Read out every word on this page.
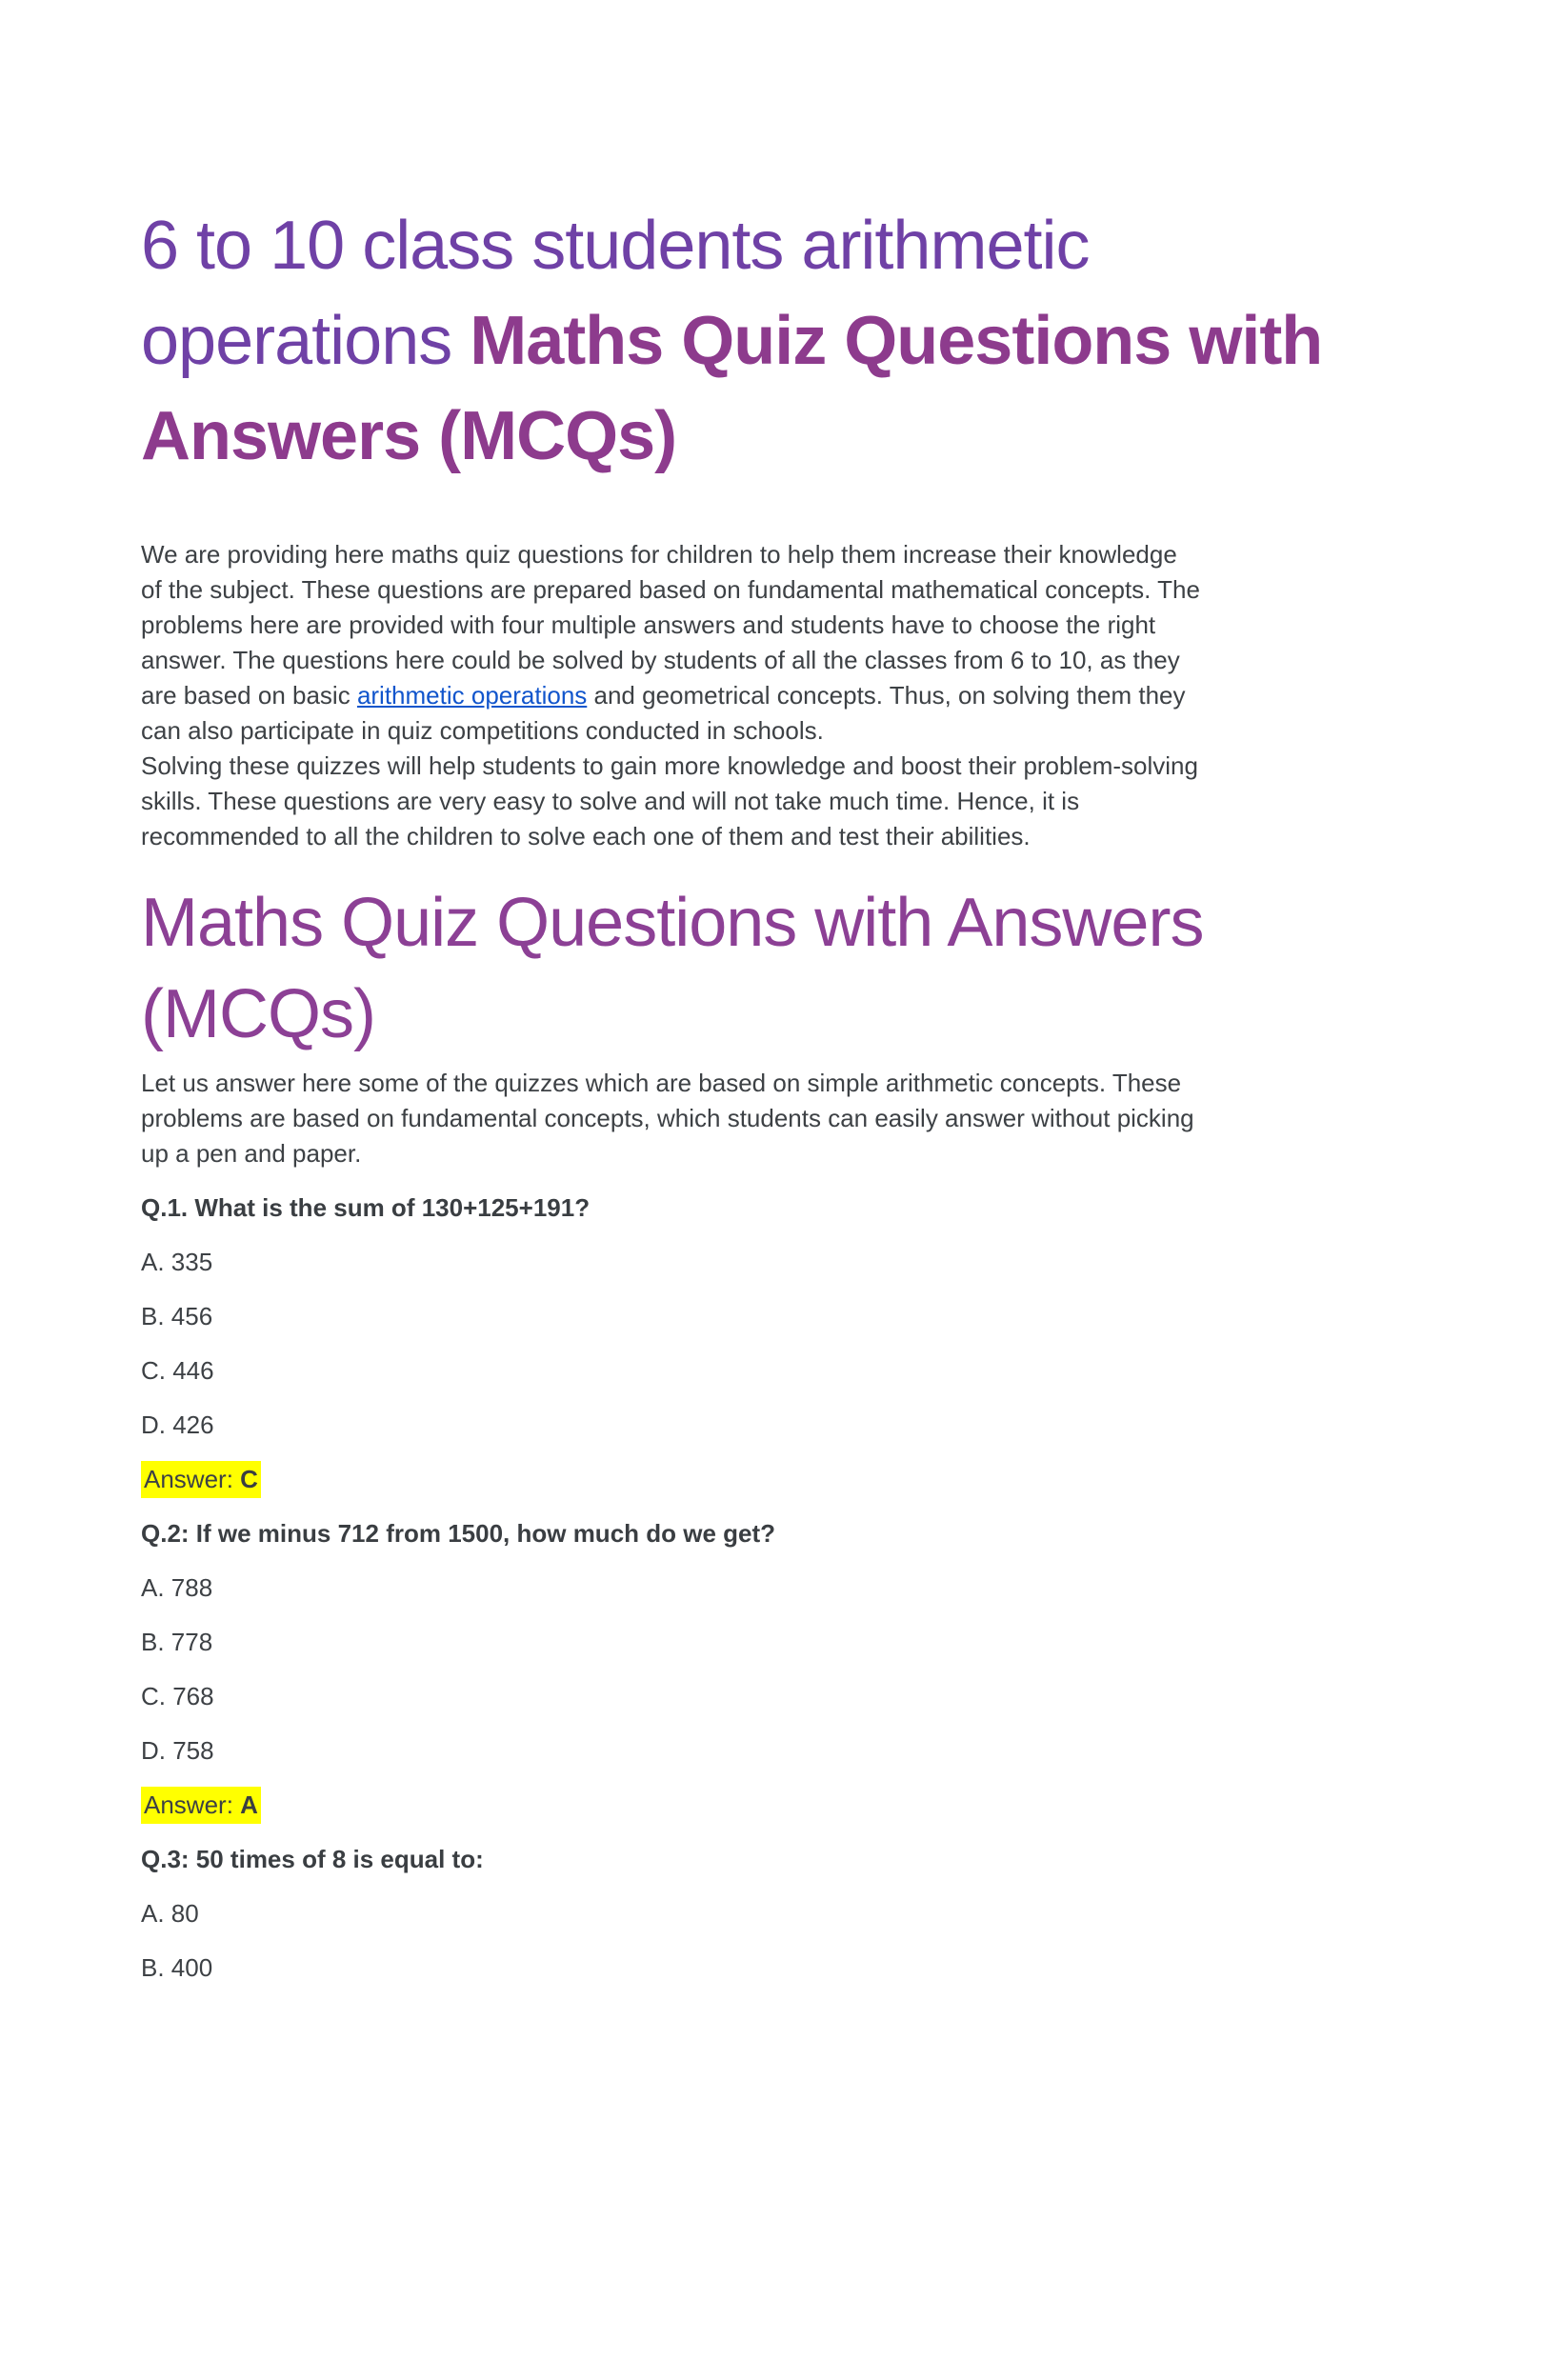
6 to 10 class students arithmetic
operations Maths Quiz Questions with
Answers (MCQs)
We are providing here maths quiz questions for children to help them increase their knowledge
of the subject. These questions are prepared based on fundamental mathematical concepts. The
problems here are provided with four multiple answers and students have to choose the right
answer. The questions here could be solved by students of all the classes from 6 to 10, as they
are based on basic arithmetic operations and geometrical concepts. Thus, on solving them they
can also participate in quiz competitions conducted in schools.
Solving these quizzes will help students to gain more knowledge and boost their problem-solving
skills. These questions are very easy to solve and will not take much time. Hence, it is
recommended to all the children to solve each one of them and test their abilities.
Maths Quiz Questions with Answers
(MCQs)
Let us answer here some of the quizzes which are based on simple arithmetic concepts. These
problems are based on fundamental concepts, which students can easily answer without picking
up a pen and paper.

Q.1. What is the sum of 130+125+191?

A. 335

B. 456

C. 446

D. 426

Answer: C

Q.2: If we minus 712 from 1500, how much do we get?

A. 788

B. 778

C. 768

D. 758

Answer: A

Q.3: 50 times of 8 is equal to:

A. 80

B. 400
